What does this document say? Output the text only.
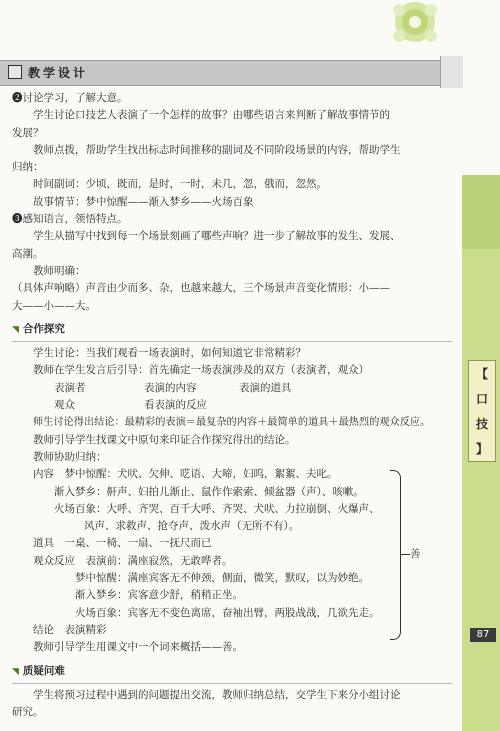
教学设计
【
口
技
】
87
❷讨论学习，了解大意。
学生讨论口技艺人表演了一个怎样的故事？由哪些语言来判断了解故事情节的
发展？
教师点拨，帮助学生找出标志时间推移的副词及不同阶段场景的内容，帮助学生
归纳：
时间副词：少顷，既而，是时，一时，未几，忽，俄而，忽然。
故事情节：梦中惊醒——渐入梦乡——火场百象
❸感知语言，领悟特点。
学生从描写中找到每一个场景刻画了哪些声响？进一步了解故事的发生、发展、
高潮。
教师明确：
（具体声响略）声音由少而多、杂，也越来越大，三个场景声音变化情形：小——
大——小——大。
◥ 合作探究
学生讨论：当我们观看一场表演时，如何知道它非常精彩？
教师在学生发言后引导：首先确定一场表演涉及的双方（表演者，观众）
表演者	表演的内容	表演的道具
观众	看表演的反应
师生讨论得出结论：最精彩的表演＝最复杂的内容＋最简单的道具＋最热烈的观众反应。
教师引导学生找课文中原句来印证合作探究得出的结论。
教师协助归纳：
内容　梦中惊醒：犬吠、欠伸、呓语、大啼，妇呜，絮絮、夫叱。
渐入梦乡：鼾声、妇拍儿渐止、鼠作作索索、倾盆器（声）、咳嗽。
火场百象：大呼、齐哭、百千大呼、齐哭、犬吠、力拉崩倒、火爆声、
风声、求救声、抢夺声、泼水声（无所不有）。
道具　一桌、一椅、一扇、一抚尺而已
观众反应　表演前：满座寂然，无敢哗者。
梦中惊醒：满座宾客无不伸颈，侧面，微笑，默叹，以为妙绝。
渐入梦乡：宾客意少舒，稍稍正坐。
火场百象：宾客无不变色离席，奋袖出臂，两股战战，几欲先走。
结论　表演精彩
善
教师引导学生用课文中一个词来概括——善。
◥ 质疑问难
学生将预习过程中遇到的问题提出交流，教师归纳总结，交学生下来分小组讨论
研究。
